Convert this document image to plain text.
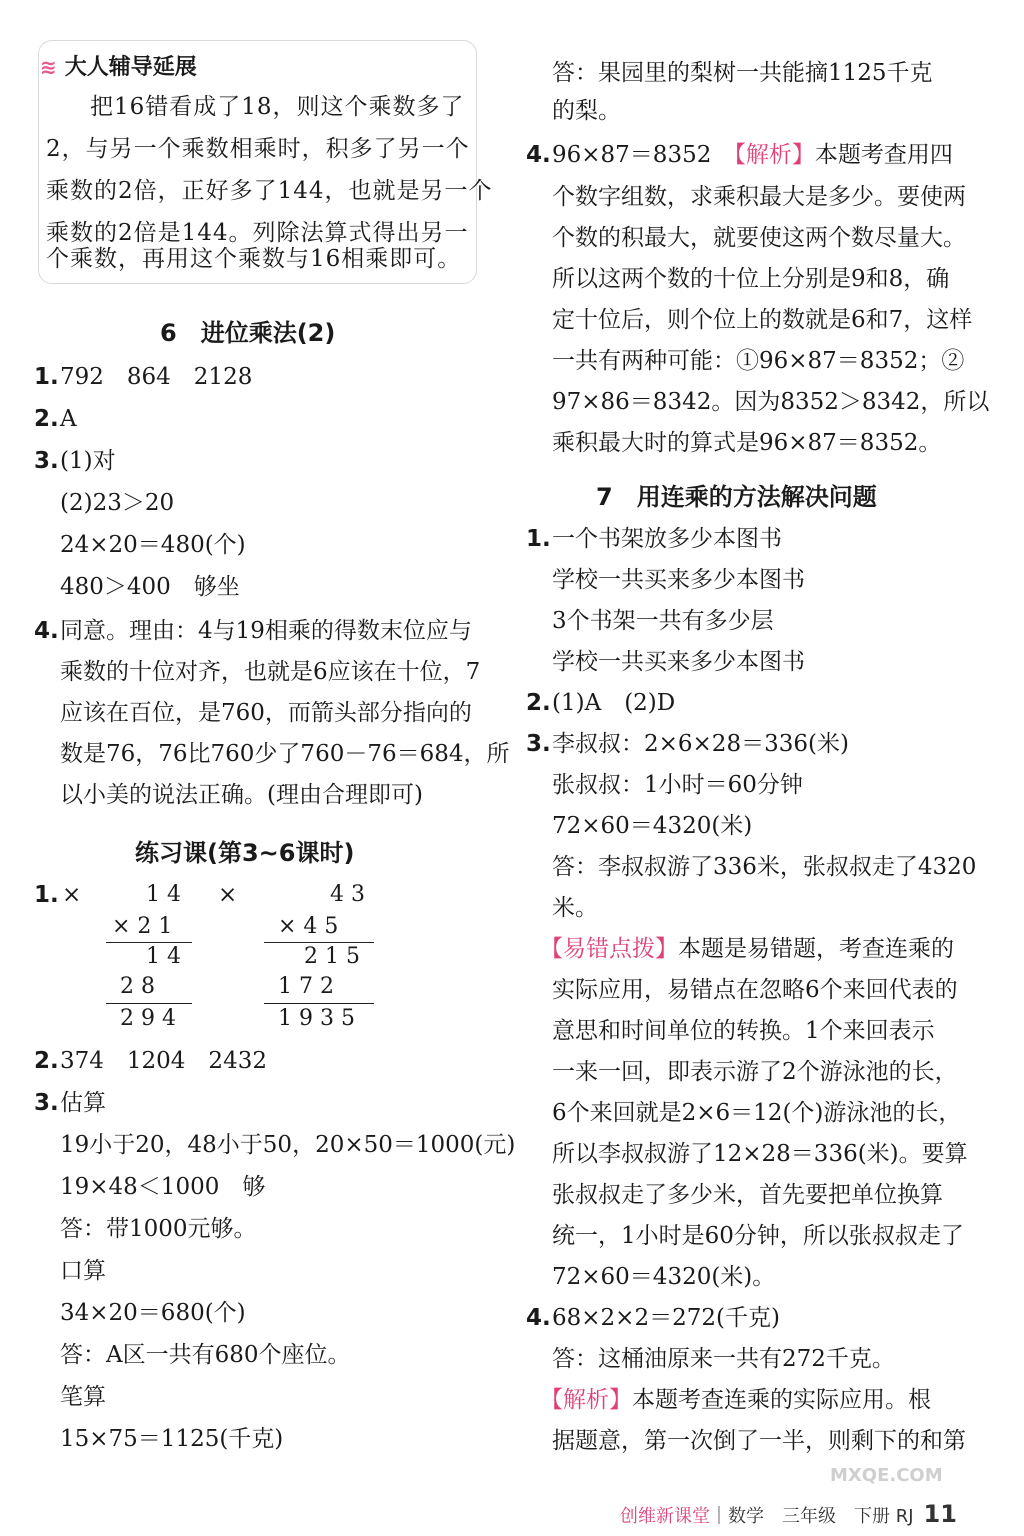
≋ 大人辅导延展
把16错看成了18，则这个乘数多了
2，与另一个乘数相乘时，积多了另一个
乘数的2倍，正好多了144，也就是另一个
乘数的2倍是144。列除法算式得出另一
个乘数，再用这个乘数与16相乘即可。
6　进位乘法(2)
1. 792　864　2128
2. A
3. (1)对
(2)23＞20
24×20＝480(个)
480＞400　够坐
4. 同意。理由：4与19相乘的得数末位应与
乘数的十位对齐，也就是6应该在十位，7
应该在百位，是760，而箭头部分指向的
数是76，76比760少了760－76＝684，所
以小美的说法正确。(理由合理即可)
练习课(第3~6课时)
1. ×	×
1 4
× 2 1
1 4
2 8
2 9 4
4 3
× 4 5
2 1 5
1 7 2
1 9 3 5
2. 374　1204　2432
3. 估算
19小于20，48小于50，20×50＝1000(元)
19×48＜1000　够
答：带1000元够。
口算
34×20＝680(个)
答：A区一共有680个座位。
笔算
15×75＝1125(千克)
答：果园里的梨树一共能摘1125千克
的梨。
4. 96×87＝8352　 【解析】本题考查用四
个数字组数，求乘积最大是多少。要使两
个数的积最大，就要使这两个数尽量大。
所以这两个数的十位上分别是9和8，确
定十位后，则个位上的数就是6和7，这样
一共有两种可能：①96×87＝8352；②
97×86＝8342。因为8352＞8342，所以
乘积最大时的算式是96×87＝8352。
7　用连乘的方法解决问题
1. 一个书架放多少本图书
学校一共买来多少本图书
3个书架一共有多少层
学校一共买来多少本图书
2. (1)A　(2)D
3. 李叔叔：2×6×28＝336(米)
张叔叔：1小时＝60分钟
72×60＝4320(米)
答：李叔叔游了336米，张叔叔走了4320
米。
【易错点拨】本题是易错题，考查连乘的
实际应用，易错点在忽略6个来回代表的
意思和时间单位的转换。1个来回表示
一来一回，即表示游了2个游泳池的长，
6个来回就是2×6＝12(个)游泳池的长，
所以李叔叔游了12×28＝336(米)。要算
张叔叔走了多少米，首先要把单位换算
统一，1小时是60分钟，所以张叔叔走了
72×60＝4320(米)。
4. 68×2×2＝272(千克)
答：这桶油原来一共有272千克。
【解析】本题考查连乘的实际应用。根
据题意，第一次倒了一半，则剩下的和第
创维新课堂｜数学　三年级　下册 RJ 11
MXQE.COM
